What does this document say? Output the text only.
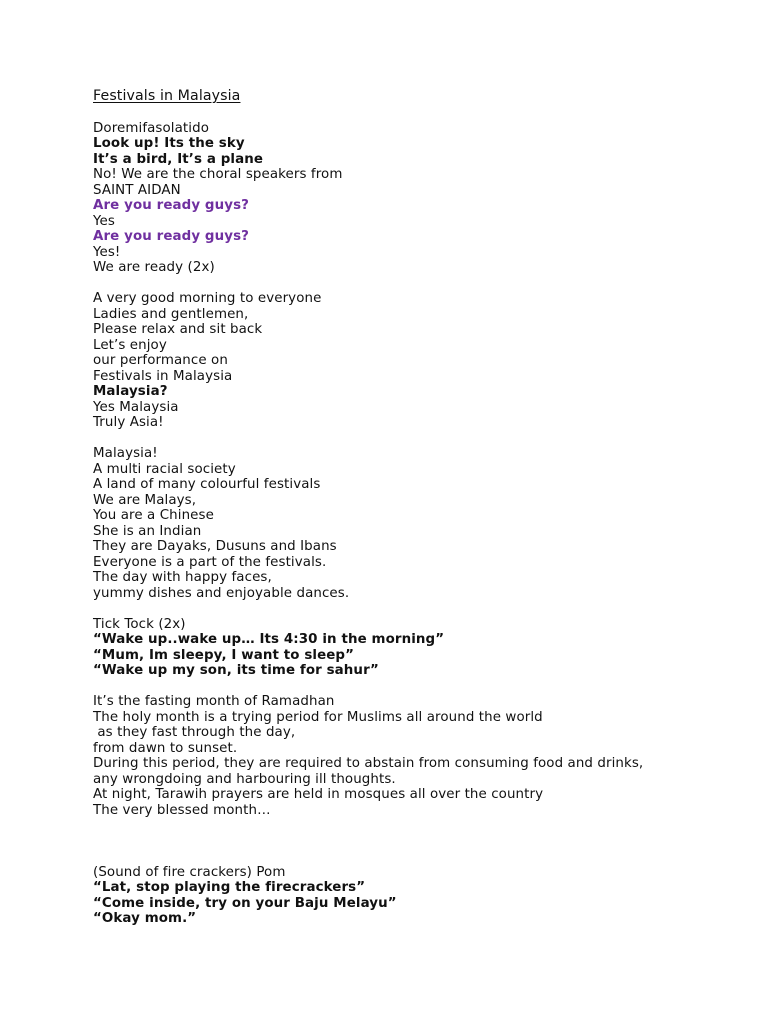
Festivals in Malaysia
Doremifasolatido
Look up! Its the sky
It’s a bird, It’s a plane
No! We are the choral speakers from
SAINT AIDAN
Are you ready guys?
Yes
Are you ready guys?
Yes!
We are ready (2x)
A very good morning to everyone
Ladies and gentlemen,
Please relax and sit back
Let’s enjoy
our performance on
Festivals in Malaysia
Malaysia?
Yes Malaysia
Truly Asia!
Malaysia!
A multi racial society
A land of many colourful festivals
We are Malays,
You are a Chinese
She is an Indian
They are Dayaks, Dusuns and Ibans
Everyone is a part of the festivals.
The day with happy faces,
yummy dishes and enjoyable dances.
Tick Tock (2x)
“Wake up..wake up… Its 4:30 in the morning”
“Mum, Im sleepy, I want to sleep”
“Wake up my son, its time for sahur”
It’s the fasting month of Ramadhan
The holy month is a trying period for Muslims all around the world
as they fast through the day,
from dawn to sunset.
During this period, they are required to abstain from consuming food and drinks,
any wrongdoing and harbouring ill thoughts.
At night, Tarawih prayers are held in mosques all over the country
The very blessed month…
(Sound of fire crackers) Pom
“Lat, stop playing the firecrackers”
“Come inside, try on your Baju Melayu”
“Okay mom.”
